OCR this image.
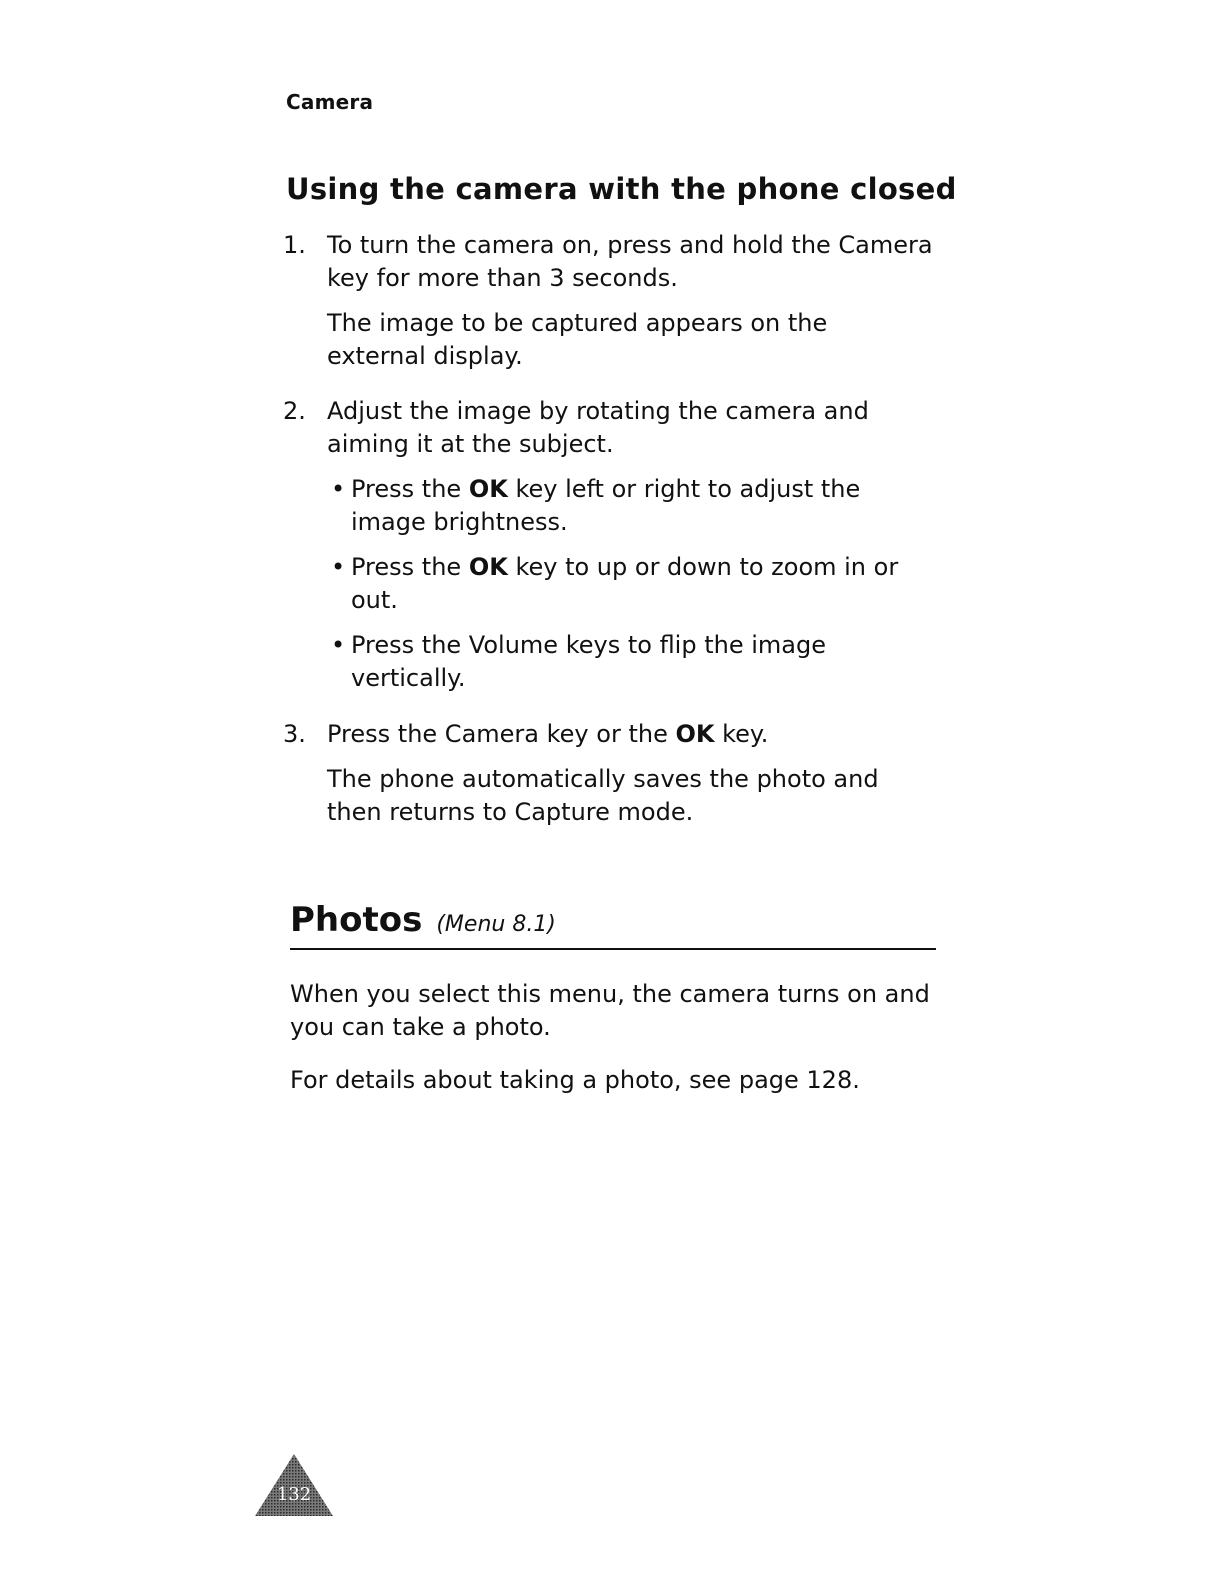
Camera
Using the camera with the phone closed
1. To turn the camera on, press and hold the Camera key for more than 3 seconds.

The image to be captured appears on the external display.

2. Adjust the image by rotating the camera and aiming it at the subject.

• Press the OK key left or right to adjust the image brightness.
• Press the OK key to up or down to zoom in or out.
• Press the Volume keys to flip the image vertically.
3. Press the Camera key or the OK key.

The phone automatically saves the photo and then returns to Capture mode.

Photos (Menu 8.1)

When you select this menu, the camera turns on and you can take a photo.

For details about taking a photo, see page 128.

132
